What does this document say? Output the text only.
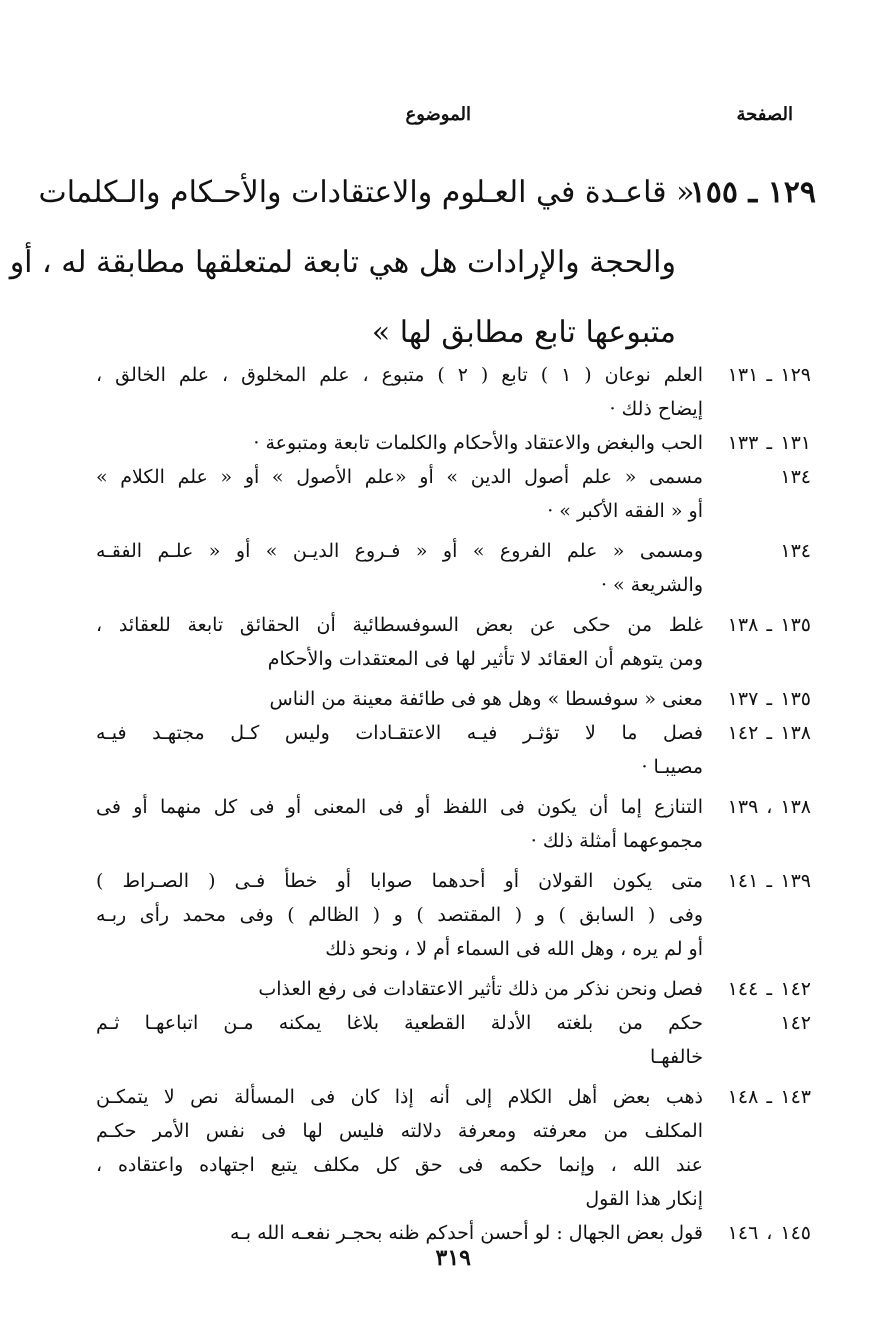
الصفحة
الموضوع
١٢٩ ـ ١٥٥ « قاعـدة في العـلوم والاعتقادات والأحـكام والـكلمات
والحجة والإرادات هل هي تابعة لمتعلقها مطابقة له ، أو
متبوعها تابع مطابق لها »
١٢٩ ـ ١٣١
العلم نوعان ( ١ ) تابع ( ٢ ) متبوع ، علم المخلوق ، علم الخالق ،
إيضاح ذلك ·
١٣١ ـ ١٣٣
الحب والبغض والاعتقاد والأحكام والكلمات تابعة ومتبوعة ·
١٣٤
مسمى « علم أصول الدين » أو «علم الأصول » أو « علم الكلام »
أو « الفقه الأكبر » ·
١٣٤
ومسمى « علم الفروع » أو « فـروع الديـن » أو « علـم الفقـه
والشريعة » ·
١٣٥ ـ ١٣٨
غلط من حكى عن بعض السوفسطائية أن الحقائق تابعة للعقائد ،
ومن يتوهم أن العقائد لا تأثير لها فى المعتقدات والأحكام
١٣٥ ـ ١٣٧
معنى « سوفسطا » وهل هو فى طائفة معينة من الناس
١٣٨ ـ ١٤٢
فصل ما لا تؤثـر فيـه الاعتقـادات وليس كـل مجتهـد فيـه
مصيبـا ·
١٣٨ ، ١٣٩
التنازع إما أن يكون فى اللفظ أو فى المعنى أو فى كل منهما أو فى
مجموعهما أمثلة ذلك ·
١٣٩ ـ ١٤١
متى يكون القولان أو أحدهما صوابا أو خطأ فـى ( الصـراط )
وفى ( السابق ) و ( المقتصد ) و ( الظالم ) وفى محمد رأى ربـه
أو لم يره ، وهل الله فى السماء أم لا ، ونحو ذلك
١٤٢ ـ ١٤٤
فصل ونحن نذكر من ذلك تأثير الاعتقادات فى رفع العذاب
١٤٢
حكم من بلغته الأدلة القطعية بلاغا يمكنه مـن اتباعهـا ثـم
خالفهـا
١٤٣ ـ ١٤٨
ذهب بعض أهل الكلام إلى أنه إذا كان فى المسألة نص لا يتمكـن
المكلف من معرفته ومعرفة دلالته فليس لها فى نفس الأمر حكـم
عند الله ، وإنما حكمه فى حق كل مكلف يتبع اجتهاده واعتقاده ،
إنكار هذا القول
١٤٥ ، ١٤٦
قول بعض الجهال : لو أحسن أحدكم ظنه بحجـر نفعـه الله بـه
٣١٩
